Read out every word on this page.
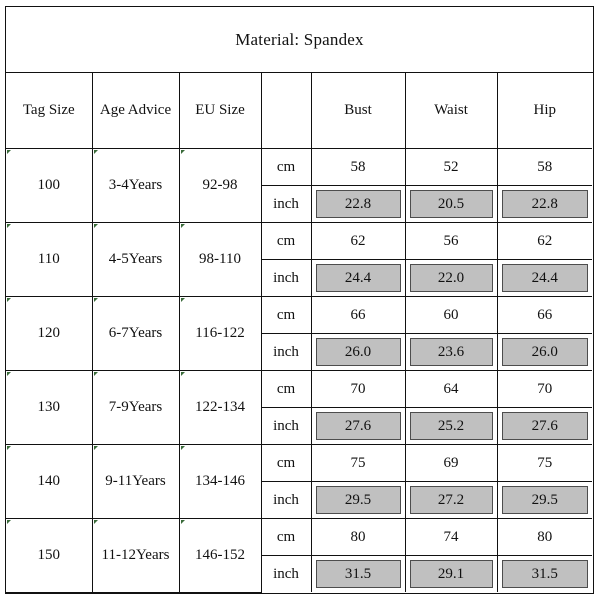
Material: Spandex
Tag Size	Age Advice	EU Size		Bust	Waist	Hip
100	3-4Years	92-98	cm	58	52	58
			inch	22.8	20.5	22.8

110	4-5Years	98-110	cm	62	56	62
			inch	24.4	22.0	24.4

120	6-7Years	116-122	cm	66	60	66
			inch	26.0	23.6	26.0

130	7-9Years	122-134	cm	70	64	70
			inch	27.6	25.2	27.6

140	9-11Years	134-146	cm	75	69	75
			inch	29.5	27.2	29.5

150	11-12Years	146-152	cm	80	74	80
			inch	31.5	29.1	31.5
